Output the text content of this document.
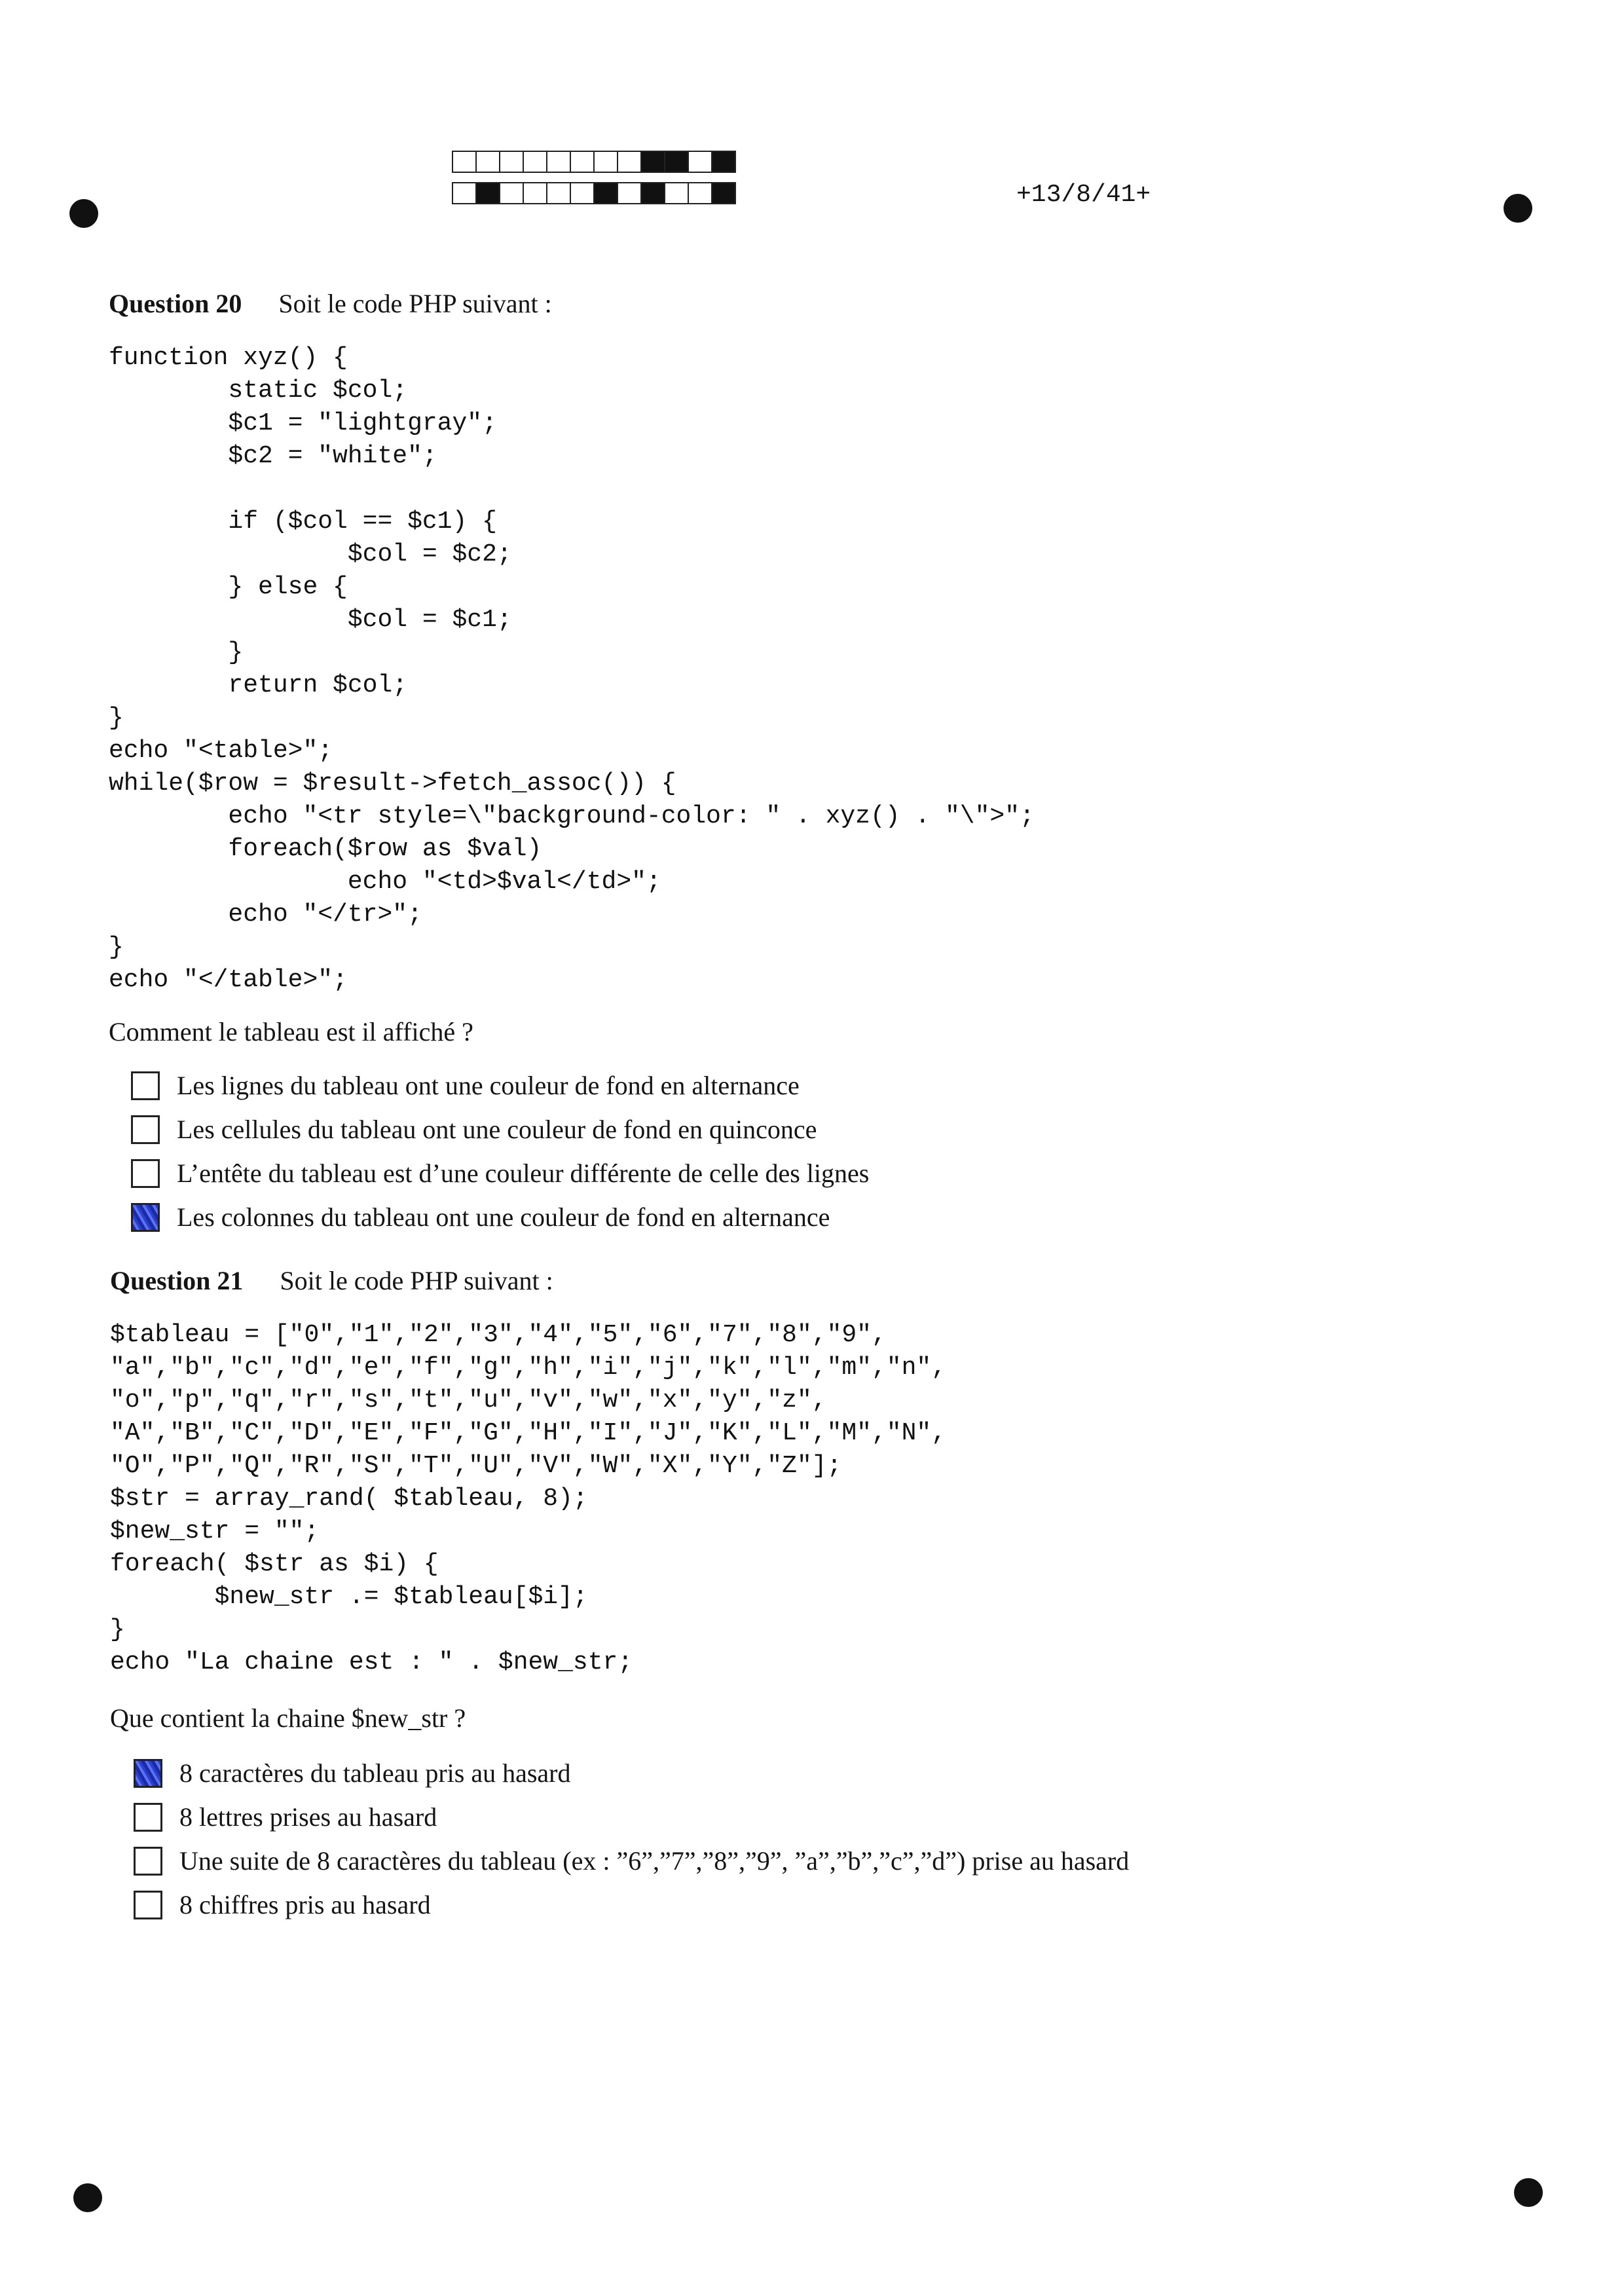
+13/8/41+
Question 20 Soit le code PHP suivant :
function xyz() {
static $col;
$c1 = "lightgray";
$c2 = "white";

if ($col == $c1) {
$col = $c2;
} else {
$col = $c1;
}
return $col;
}
echo "<table>";
while($row = $result->fetch_assoc()) {
echo "<tr style=\"background-color: " . xyz() . "\">";
foreach($row as $val)
echo "<td>$val</td>";
echo "</tr>";
}
echo "</table>";
Comment le tableau est il affiché ?
Les lignes du tableau ont une couleur de fond en alternance
Les cellules du tableau ont une couleur de fond en quinconce
L’entête du tableau est d’une couleur différente de celle des lignes
Les colonnes du tableau ont une couleur de fond en alternance
Question 21 Soit le code PHP suivant :
$tableau = ["0","1","2","3","4","5","6","7","8","9",
"a","b","c","d","e","f","g","h","i","j","k","l","m","n",
"o","p","q","r","s","t","u","v","w","x","y","z",
"A","B","C","D","E","F","G","H","I","J","K","L","M","N",
"O","P","Q","R","S","T","U","V","W","X","Y","Z"];
$str = array_rand( $tableau, 8);
$new_str = "";
foreach( $str as $i) {
$new_str .= $tableau[$i];
}
echo "La chaine est : " . $new_str;
Que contient la chaine $new_str ?
8 caractères du tableau pris au hasard
8 lettres prises au hasard
Une suite de 8 caractères du tableau (ex : ”6”,”7”,”8”,”9”, ”a”,”b”,”c”,”d”) prise au hasard
8 chiffres pris au hasard
